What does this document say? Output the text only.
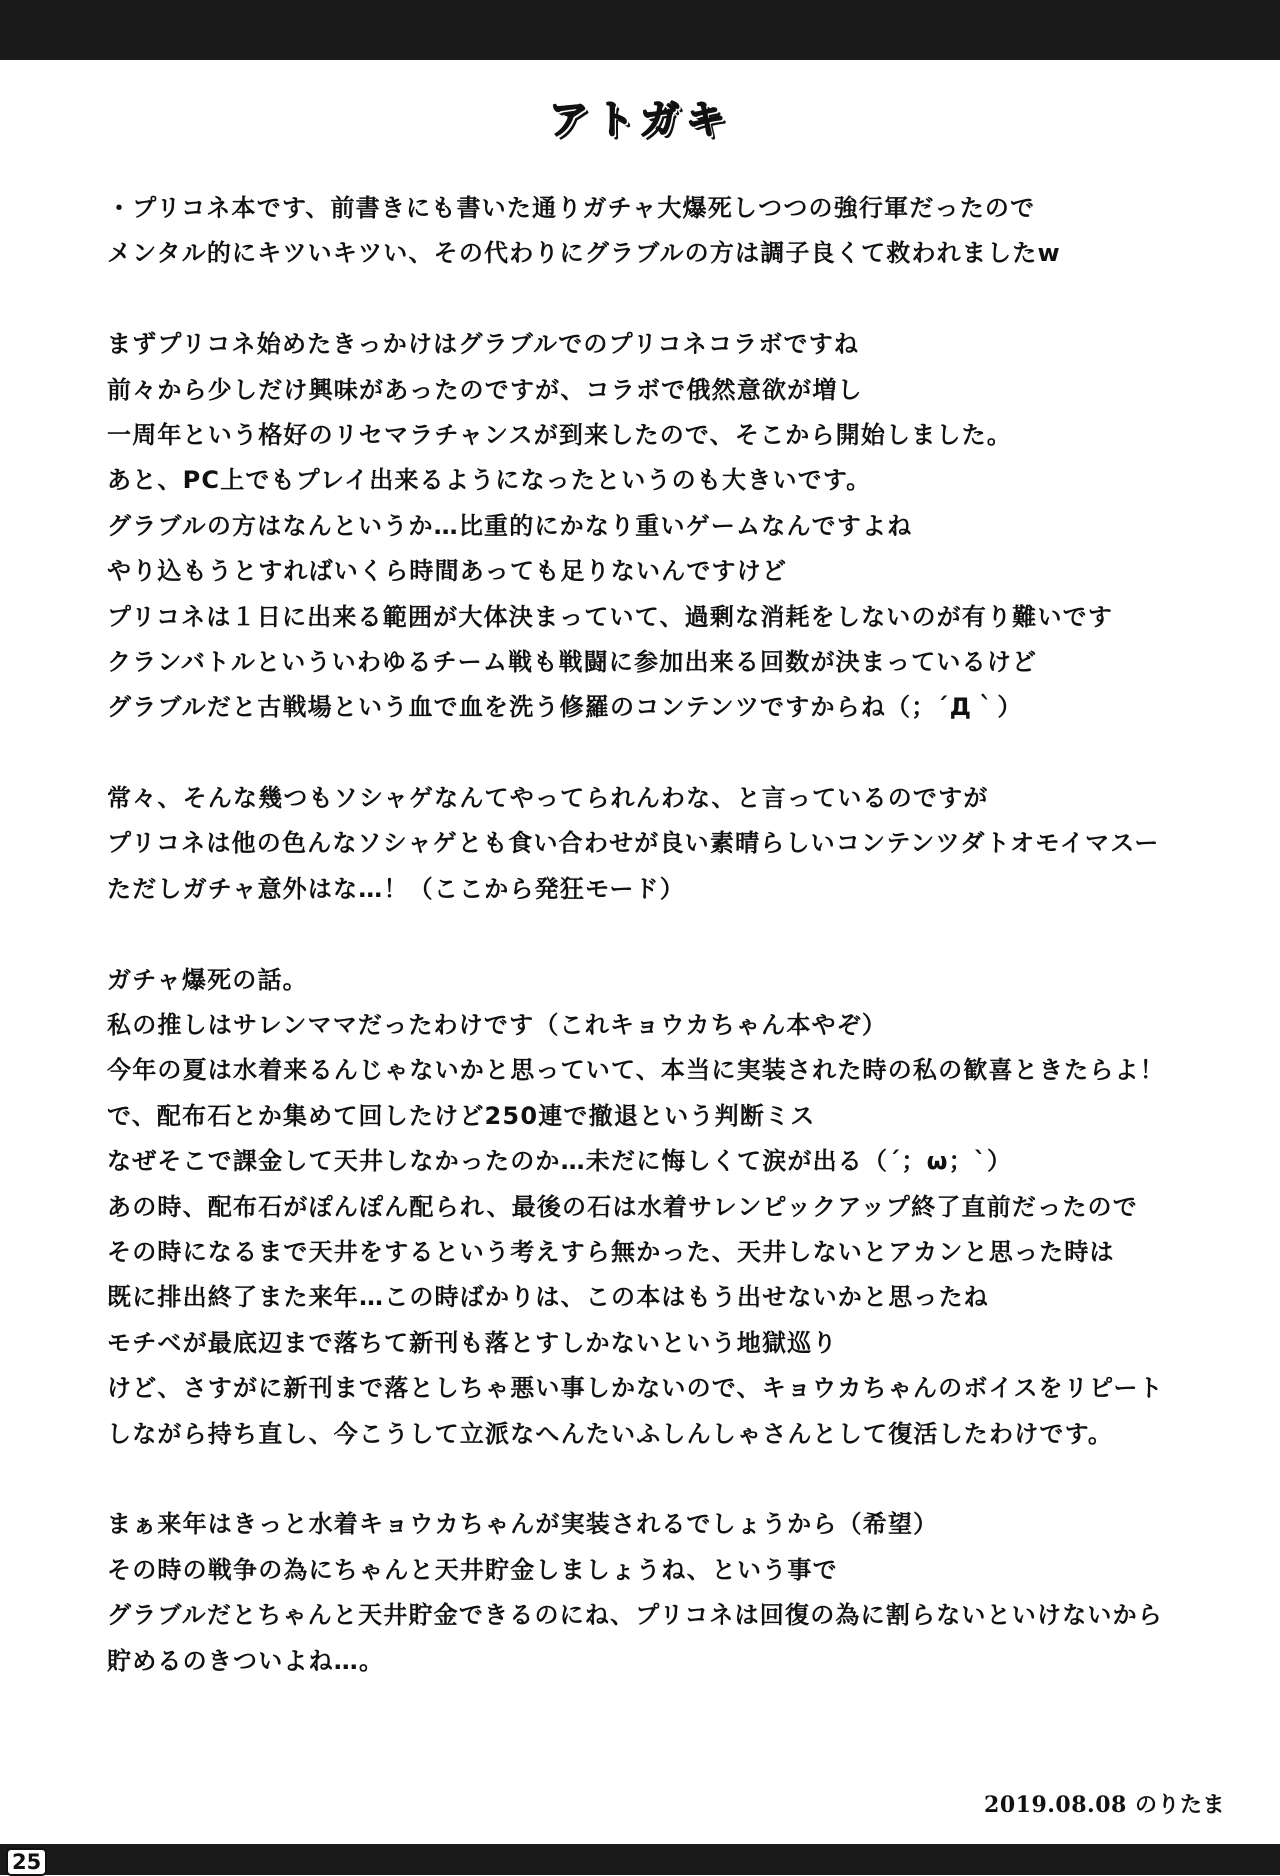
アトガキ
・プリコネ本です、前書きにも書いた通りガチャ大爆死しつつの強行軍だったので
メンタル的にキツいキツい、その代わりにグラブルの方は調子良くて救われましたw
まずプリコネ始めたきっかけはグラブルでのプリコネコラボですね
前々から少しだけ興味があったのですが、コラボで俄然意欲が増し
一周年という格好のリセマラチャンスが到来したので、そこから開始しました。
あと、PC上でもプレイ出来るようになったというのも大きいです。
グラブルの方はなんというか…比重的にかなり重いゲームなんですよね
やり込もうとすればいくら時間あっても足りないんですけど
プリコネは１日に出来る範囲が大体決まっていて、過剰な消耗をしないのが有り難いです
クランバトルといういわゆるチーム戦も戦闘に参加出来る回数が決まっているけど
グラブルだと古戦場という血で血を洗う修羅のコンテンツですからね（；´Д｀）
常々、そんな幾つもソシャゲなんてやってられんわな、と言っているのですが
プリコネは他の色んなソシャゲとも食い合わせが良い素晴らしいコンテンツダトオモイマスー
ただしガチャ意外はな…！（ここから発狂モード）
ガチャ爆死の話。
私の推しはサレンママだったわけです（これキョウカちゃん本やぞ）
今年の夏は水着来るんじゃないかと思っていて、本当に実装された時の私の歓喜ときたらよ！
で、配布石とか集めて回したけど250連で撤退という判断ミス
なぜそこで課金して天井しなかったのか…未だに悔しくて涙が出る（´；ω；`）
あの時、配布石がぽんぽん配られ、最後の石は水着サレンピックアップ終了直前だったので
その時になるまで天井をするという考えすら無かった、天井しないとアカンと思った時は
既に排出終了また来年…この時ばかりは、この本はもう出せないかと思ったね
モチベが最底辺まで落ちて新刊も落とすしかないという地獄巡り
けど、さすがに新刊まで落としちゃ悪い事しかないので、キョウカちゃんのボイスをリピート
しながら持ち直し、今こうして立派なへんたいふしんしゃさんとして復活したわけです。
まぁ来年はきっと水着キョウカちゃんが実装されるでしょうから（希望）
その時の戦争の為にちゃんと天井貯金しましょうね、という事で
グラブルだとちゃんと天井貯金できるのにね、プリコネは回復の為に割らないといけないから
貯めるのきついよね…。
2019.08.08 のりたま
25
